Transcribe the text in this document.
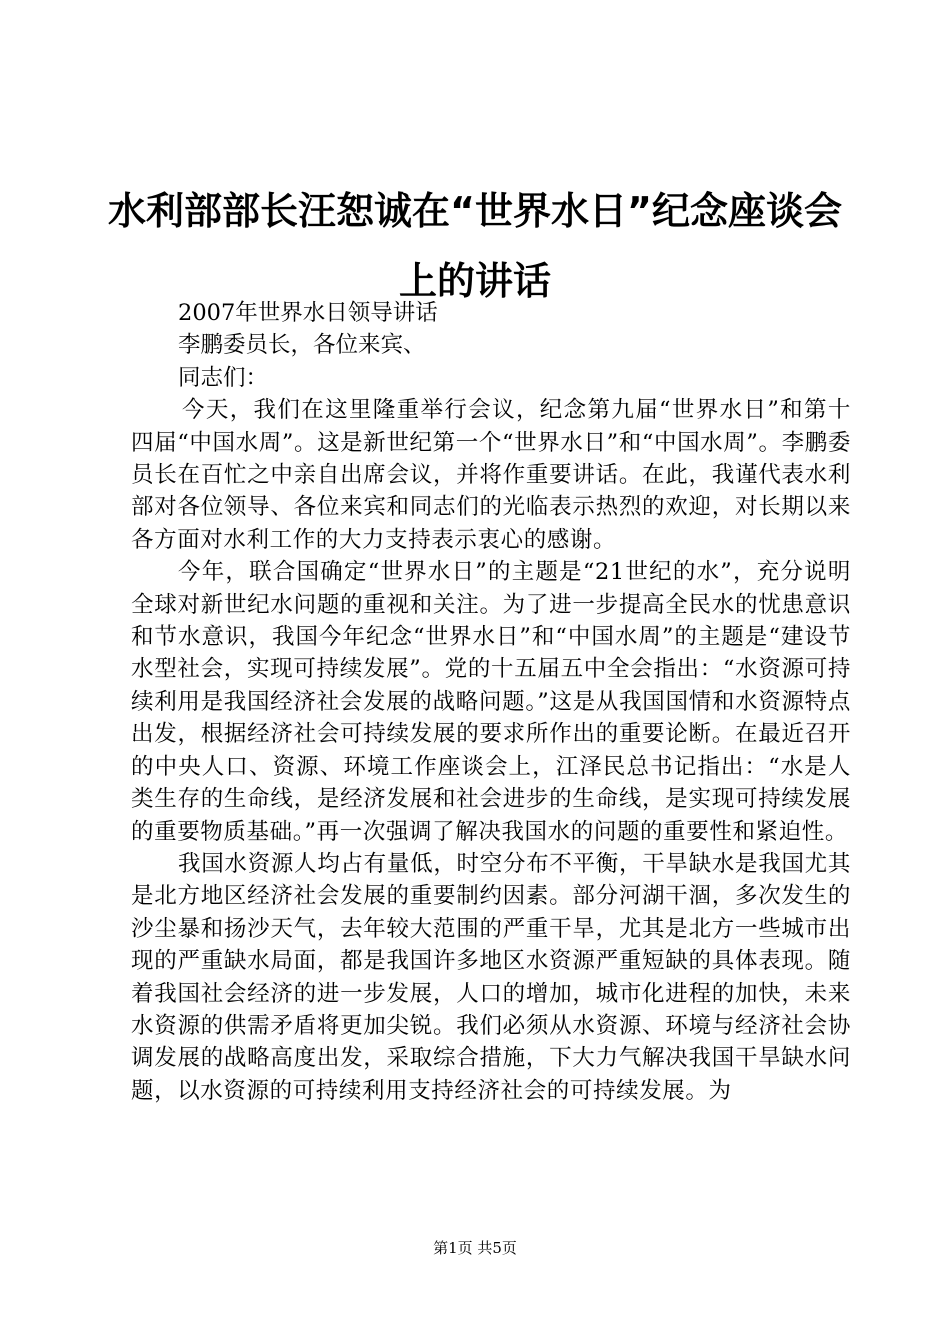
水利部部长汪恕诚在“世界水日”纪念座谈会
上的讲话
2007年世界水日领导讲话
李鹏委员长，各位来宾、
同志们：

今天，我们在这里隆重举行会议，纪念第九届“世界水日”和第十四届“中国水周”。这是新世纪第一个“世界水日”和“中国水周”。李鹏委员长在百忙之中亲自出席会议，并将作重要讲话。在此，我谨代表水利部对各位领导、各位来宾和同志们的光临表示热烈的欢迎，对长期以来各方面对水利工作的大力支持表示衷心的感谢。

今年，联合国确定“世界水日”的主题是“21世纪的水”，充分说明全球对新世纪水问题的重视和关注。为了进一步提高全民水的忧患意识和节水意识，我国今年纪念“世界水日”和“中国水周”的主题是“建设节水型社会，实现可持续发展”。党的十五届五中全会指出：“水资源可持续利用是我国经济社会发展的战略问题。”这是从我国国情和水资源特点出发，根据经济社会可持续发展的要求所作出的重要论断。在最近召开的中央人口、资源、环境工作座谈会上，江泽民总书记指出：“水是人类生存的生命线，是经济发展和社会进步的生命线，是实现可持续发展的重要物质基础。”再一次强调了解决我国水的问题的重要性和紧迫性。

我国水资源人均占有量低，时空分布不平衡，干旱缺水是我国尤其是北方地区经济社会发展的重要制约因素。部分河湖干涸，多次发生的沙尘暴和扬沙天气，去年较大范围的严重干旱，尤其是北方一些城市出现的严重缺水局面，都是我国许多地区水资源严重短缺的具体表现。随着我国社会经济的进一步发展，人口的增加，城市化进程的加快，未来水资源的供需矛盾将更加尖锐。我们必须从水资源、环境与经济社会协调发展的战略高度出发，采取综合措施，下大力气解决我国干旱缺水问题，以水资源的可持续利用支持经济社会的可持续发展。为

第1页 共5页
